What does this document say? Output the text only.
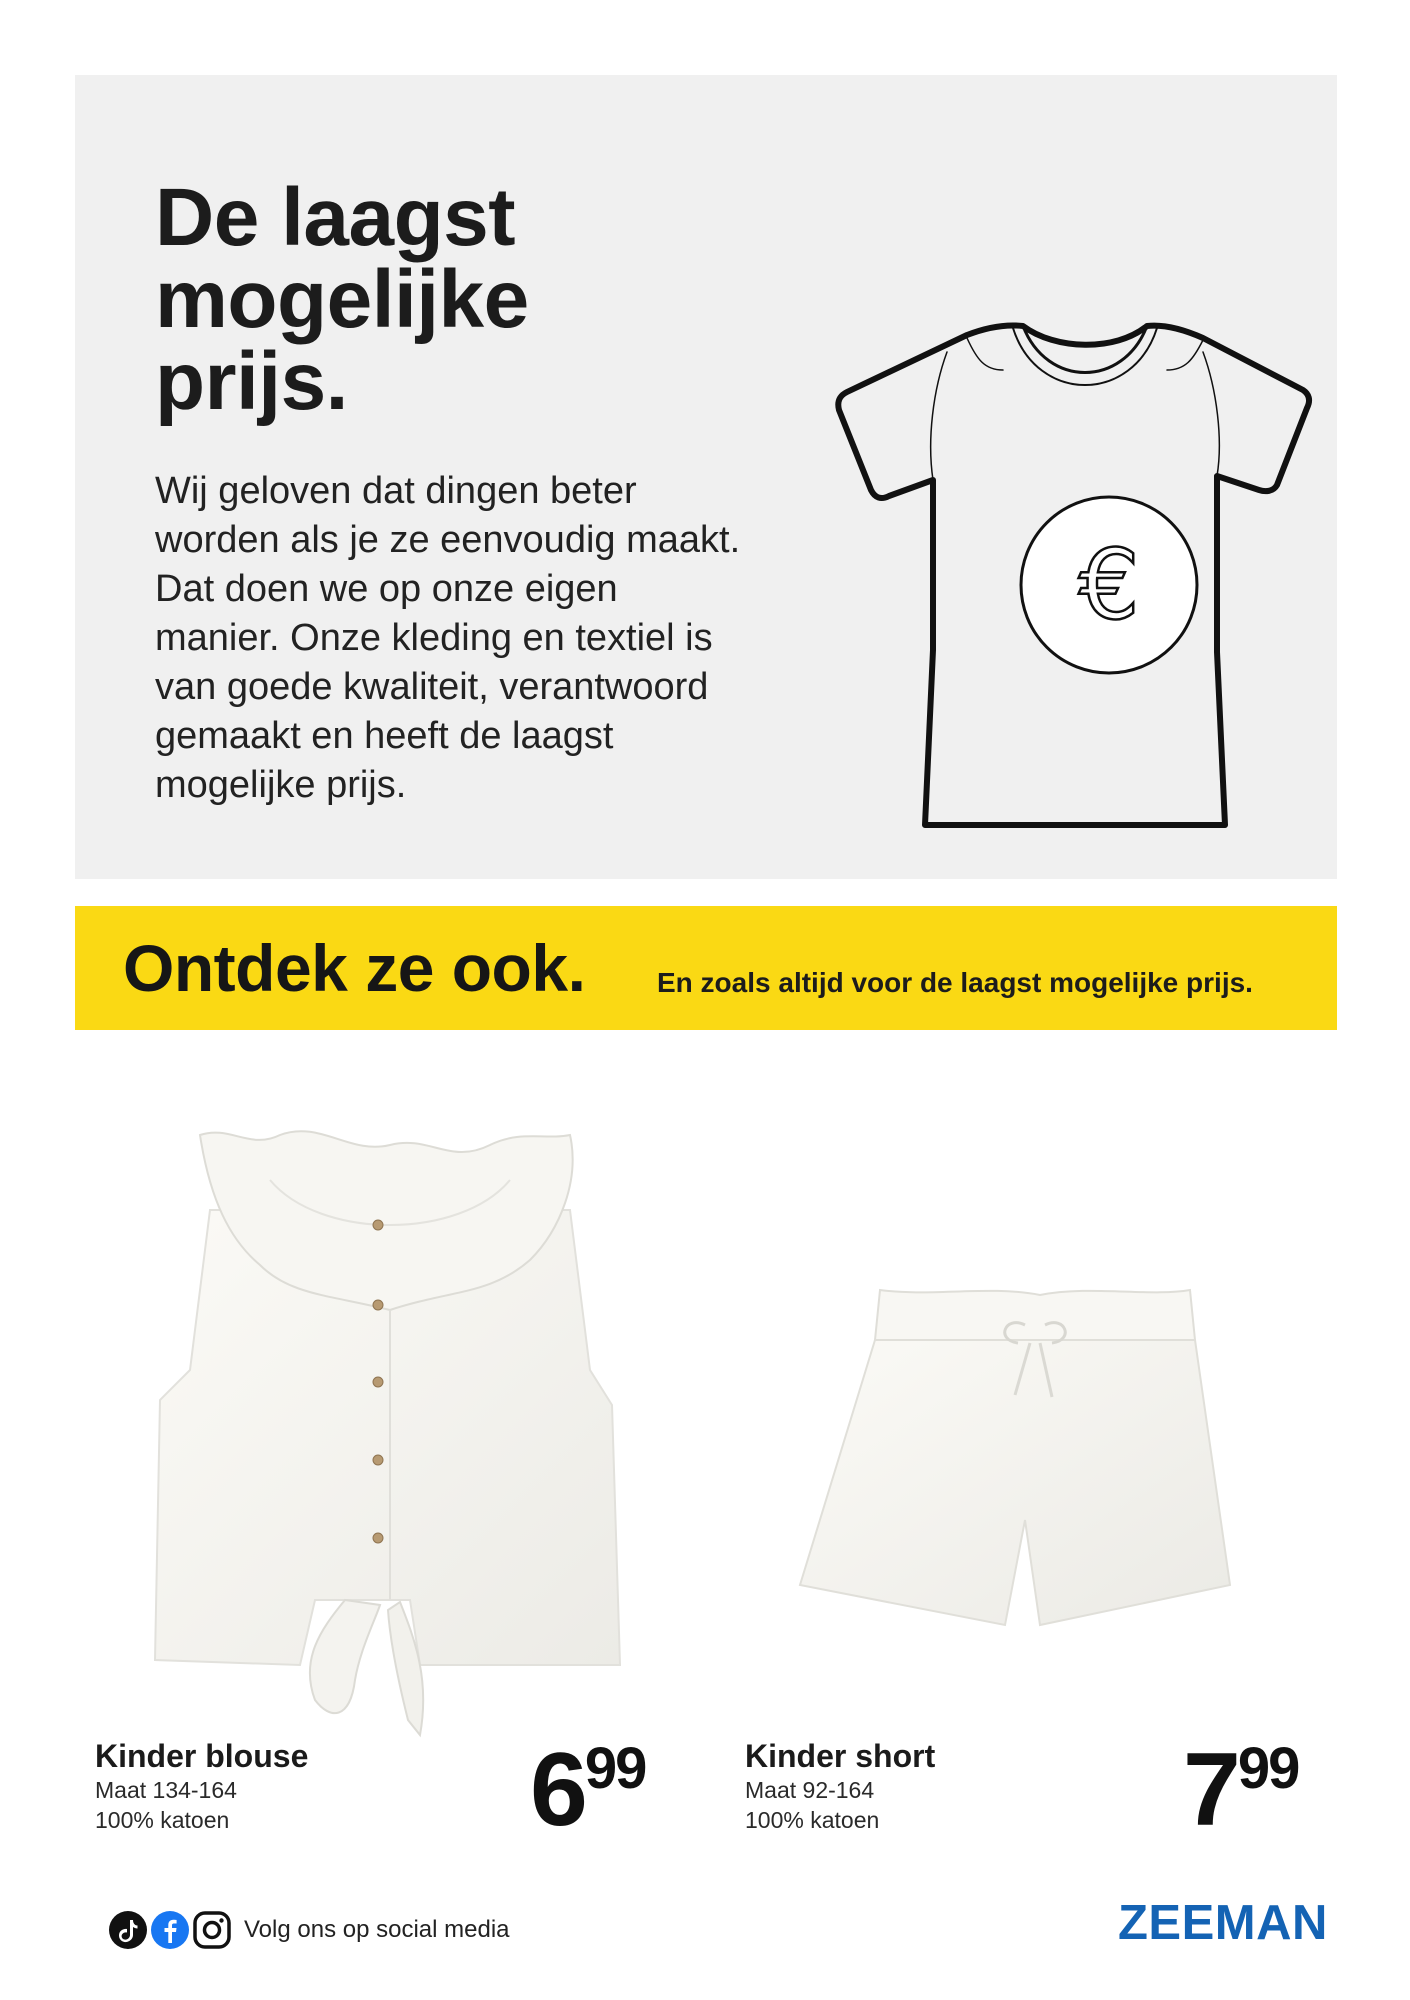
De laagst
mogelijke
prijs.
Wij geloven dat dingen beter
worden als je ze eenvoudig maakt.
Dat doen we op onze eigen
manier. Onze kleding en textiel is
van goede kwaliteit, verantwoord
gemaakt en heeft de laagst
mogelijke prijs.
€
Ontdek ze ook.	En zoals altijd voor de laagst mogelijke prijs.
Kinder blouse
Maat 134-164
100% katoen	699	Kinder short
Maat 92-164
100% katoen	799
Volg ons op social media	ZEEMAN
